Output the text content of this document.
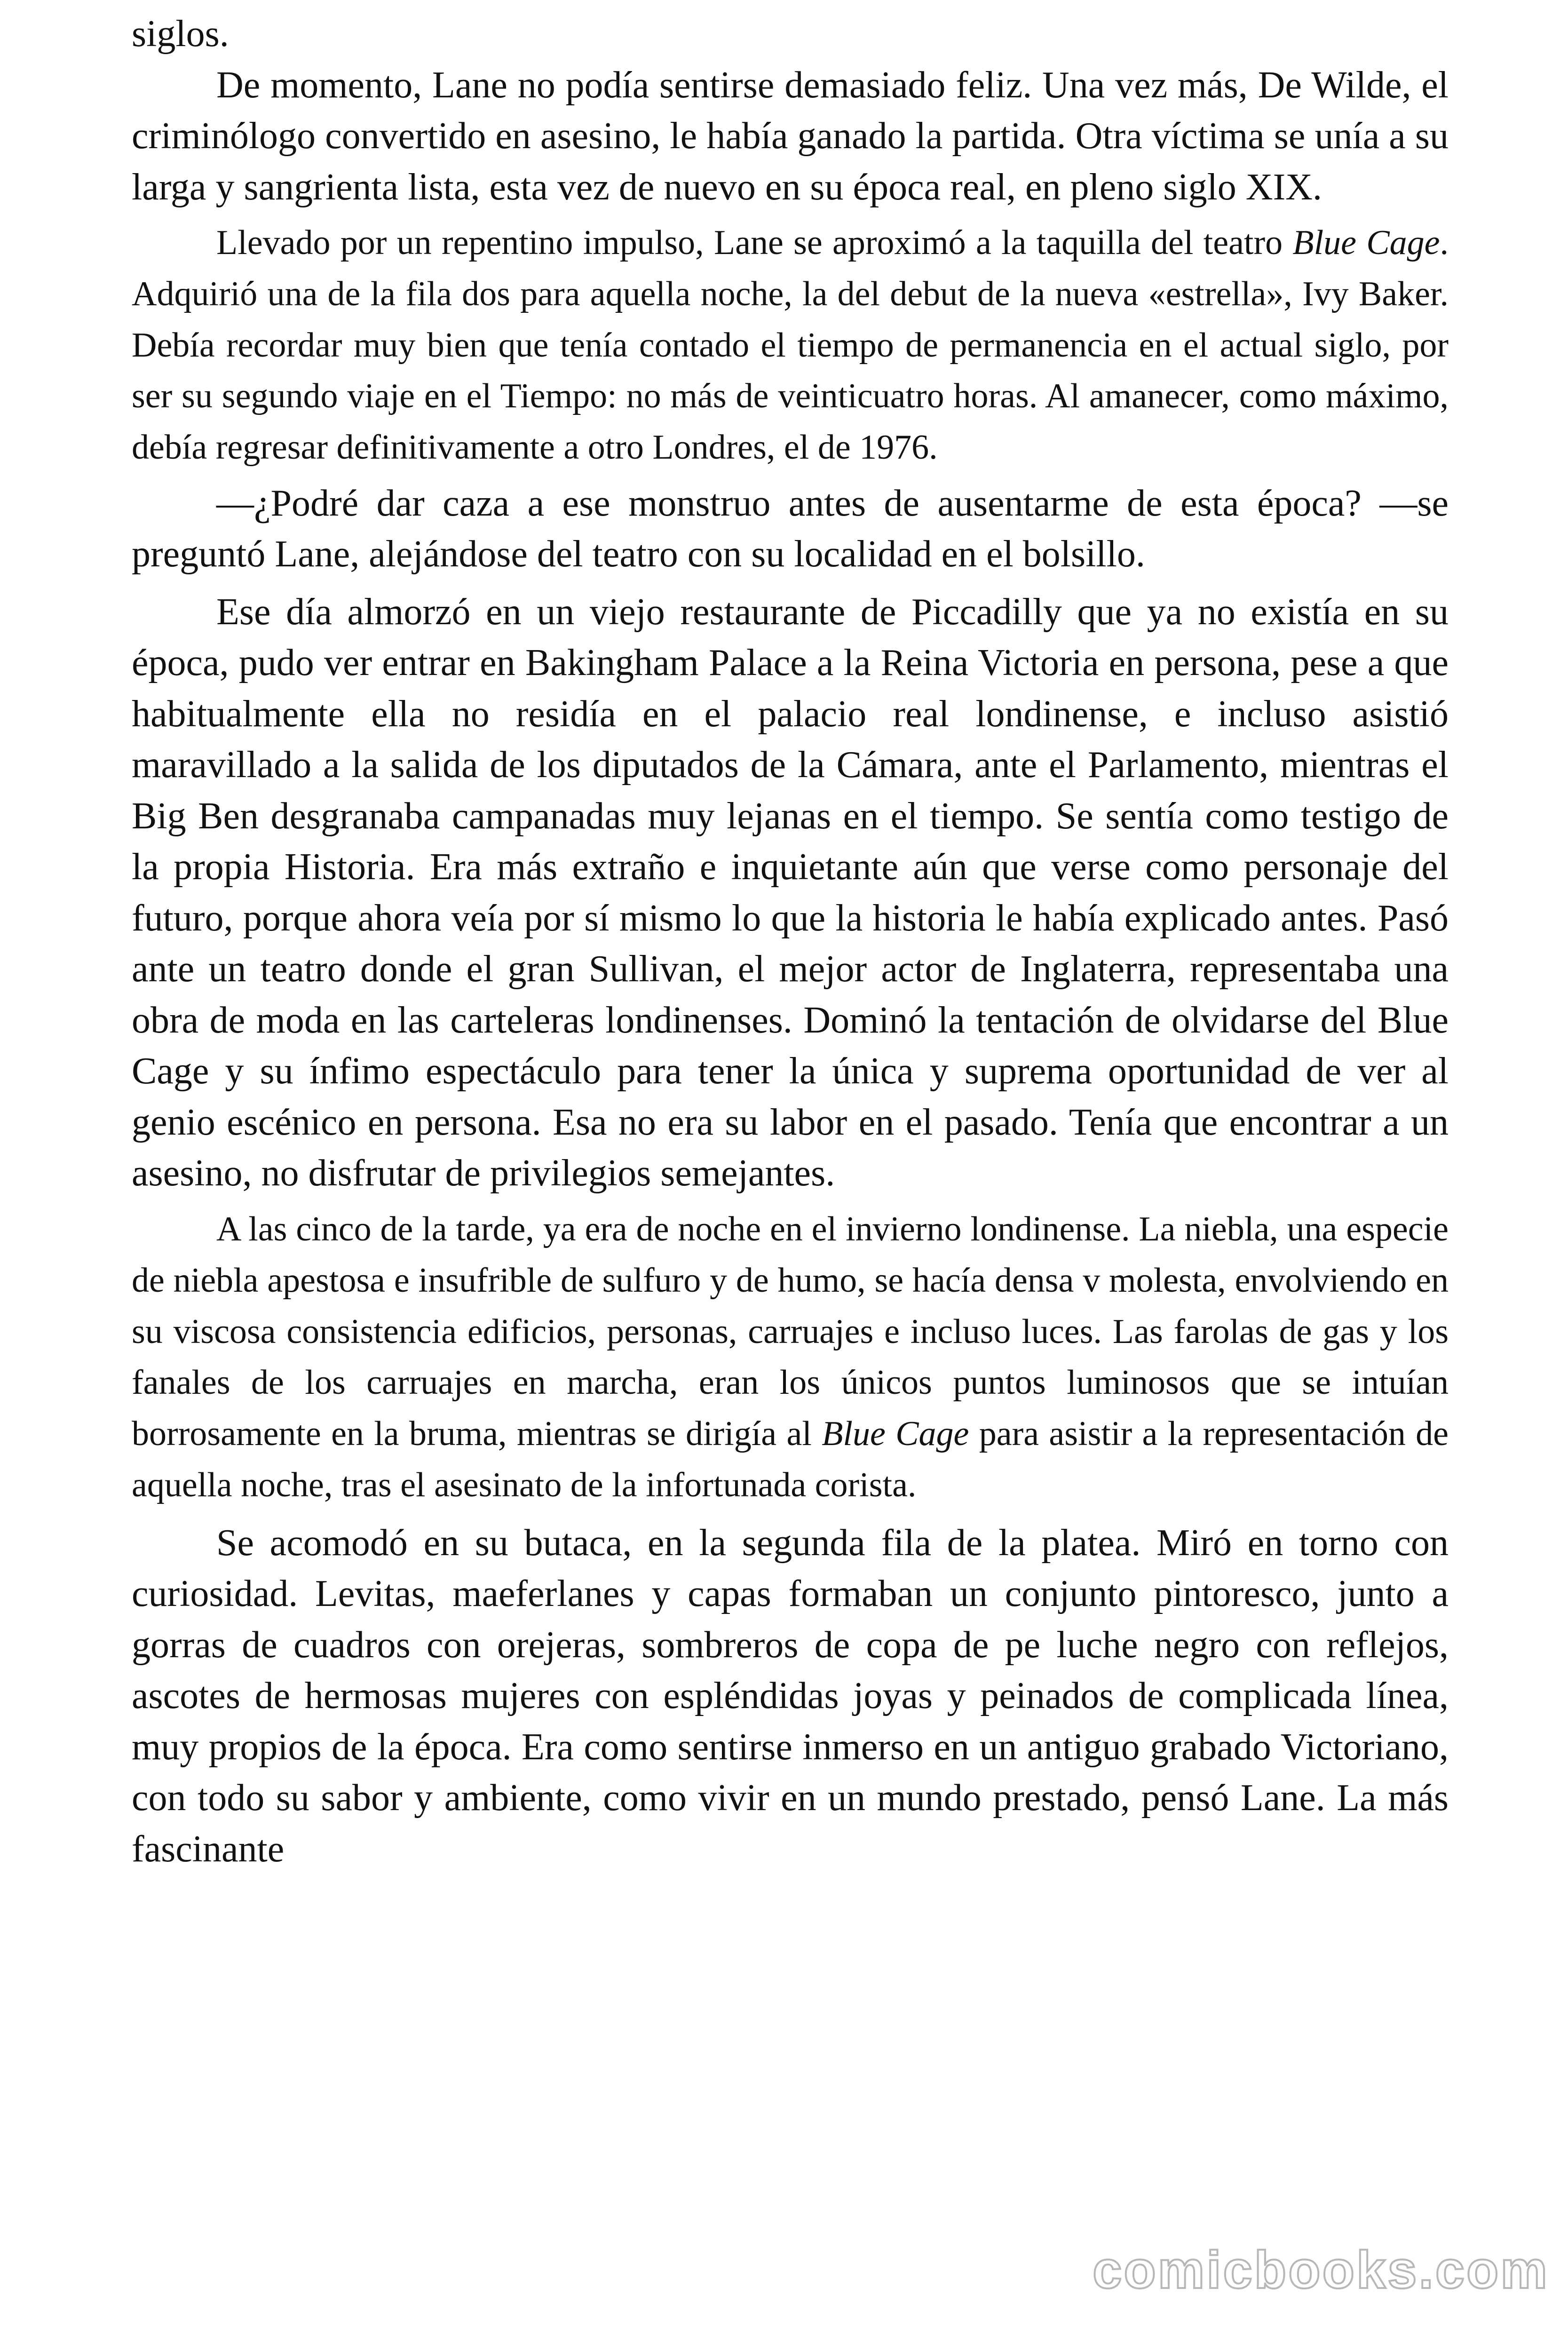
siglos.

De momento, Lane no podía sentirse demasiado feliz. Una vez más, De Wilde, el criminólogo convertido en asesino, le había ganado la partida. Otra víctima se unía a su larga y sangrienta lista, esta vez de nuevo en su época real, en pleno siglo XIX.

Llevado por un repentino impulso, Lane se aproximó a la taquilla del teatro Blue Cage. Adquirió una de la fila dos para aquella noche, la del debut de la nueva «estrella», Ivy Baker. Debía recordar muy bien que tenía contado el tiempo de permanencia en el actual siglo, por ser su segundo viaje en el Tiempo: no más de veinticuatro horas. Al amanecer, como máximo, debía regresar definitivamente a otro Londres, el de 1976.

—¿Podré dar caza a ese monstruo antes de ausentarme de esta época? —se preguntó Lane, alejándose del teatro con su localidad en el bolsillo.

Ese día almorzó en un viejo restaurante de Piccadilly que ya no existía en su época, pudo ver entrar en Bakingham Palace a la Reina Victoria en persona, pese a que habitualmente ella no residía en el palacio real londinense, e incluso asistió maravillado a la salida de los diputados de la Cámara, ante el Parlamento, mientras el Big Ben desgranaba campanadas muy lejanas en el tiempo. Se sentía como testigo de la propia Historia. Era más extraño e inquietante aún que verse como personaje del futuro, porque ahora veía por sí mismo lo que la historia le había explicado antes. Pasó ante un teatro donde el gran Sullivan, el mejor actor de Inglaterra, representaba una obra de moda en las carteleras londinenses. Dominó la tentación de olvidarse del Blue Cage y su ínfimo espectáculo para tener la única y suprema oportunidad de ver al genio escénico en persona. Esa no era su labor en el pasado. Tenía que encontrar a un asesino, no disfrutar de privilegios semejantes.

A las cinco de la tarde, ya era de noche en el invierno londinense. La niebla, una especie de niebla apestosa e insufrible de sulfuro y de humo, se hacía densa v molesta, envolviendo en su viscosa consistencia edificios, personas, carruajes e incluso luces. Las farolas de gas y los fanales de los carruajes en marcha, eran los únicos puntos luminosos que se intuían borrosamente en la bruma, mientras se dirigía al Blue Cage para asistir a la representación de aquella noche, tras el asesinato de la infortunada corista.

Se acomodó en su butaca, en la segunda fila de la platea. Miró en torno con curiosidad. Levitas, maeferlanes y capas formaban un conjunto pintoresco, junto a gorras de cuadros con orejeras, sombreros de copa de pe luche negro con reflejos, ascotes de hermosas mujeres con espléndidas joyas y peinados de complicada línea, muy propios de la época. Era como sentirse inmerso en un antiguo grabado Victoriano, con todo su sabor y ambiente, como vivir en un mundo prestado, pensó Lane. La más fascinante

comicbooks.com
